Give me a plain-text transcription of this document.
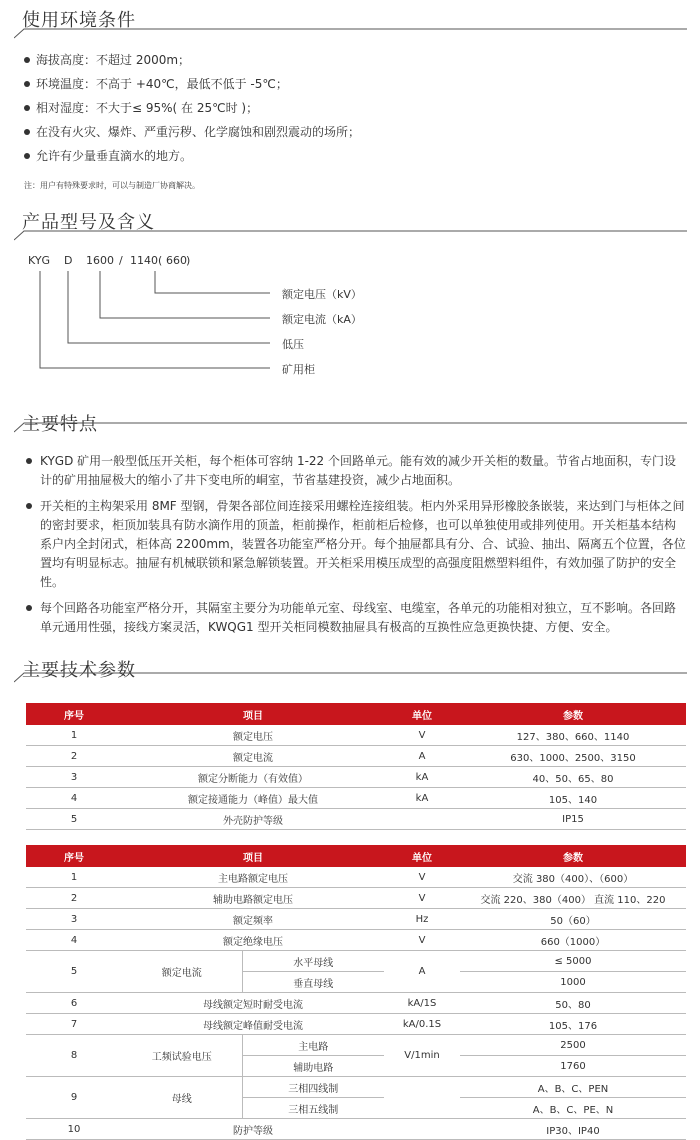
使用环境条件
海拔高度：不超过 2000m；
环境温度：不高于 +40℃，最低不低于 -5℃；
相对湿度：不大于≤ 95%( 在 25℃时 )；
在没有火灾、爆炸、严重污秽、化学腐蚀和剧烈震动的场所；
允许有少量垂直滴水的地方。
注：用户有特殊要求时，可以与制造厂协商解决。
产品型号及含义
KYG D 1600 / 1140 ( 660 )
额定电压（kV）
额定电流（kA）
低压
矿用柜
主要特点
KYGD 矿用一般型低压开关柜，每个柜体可容纳 1-22 个回路单元。能有效的减少开关柜的数量。节省占地面积，专门设计的矿用抽屉极大的缩小了井下变电所的峒室，节省基建投资，减少占地面积。
开关柜的主构架采用 8MF 型钢，骨架各部位间连接采用螺栓连接组装。柜内外采用异形橡胶条嵌装，来达到门与柜体之间的密封要求，柜顶加装具有防水滴作用的顶盖，柜前操作，柜前柜后检修，也可以单独使用或排列使用。开关柜基本结构系户内全封闭式，柜体高 2200mm，装置各功能室严格分开。每个抽屉都具有分、合、试验、抽出、隔离五个位置，各位置均有明显标志。抽屉有机械联锁和紧急解锁装置。开关柜采用模压成型的高强度阻燃塑料组件，有效加强了防护的安全性。
每个回路各功能室严格分开，其隔室主要分为功能单元室、母线室、电缆室，各单元的功能相对独立，互不影响。各回路单元通用性强，接线方案灵活，KWQG1 型开关柜同模数抽屉具有极高的互换性应急更换快捷、方便、安全。
主要技术参数
序号	项目	单位	参数
1	额定电压	V	127、380、660、1140
2	额定电流	A	630、1000、2500、3150
3	额定分断能力（有效值）	kA	40、50、65、80
4	额定接通能力（峰值）最大值	kA	105、140
5	外壳防护等级		IP15
序号	项目		单位	参数
1	主电路额定电压		V	交流 380（400）、（600）
2	辅助电路额定电压		V	交流 220、380（400） 直流 110、220
3	额定频率		Hz	50（60）
4	额定绝缘电压		V	660（1000）
5	额定电流	水平母线	A	≤ 5000
		垂直母线		1000
6	母线额定短时耐受电流		kA/1S	50、80
7	母线额定峰值耐受电流		kA/0.1S	105、176
8	工频试验电压	主电路	V/1min	2500
		辅助电路		1760
9	母线	三相四线制		A、B、C、PEN
		三相五线制		A、B、C、PE、N
10	防护等级			IP30、IP40
